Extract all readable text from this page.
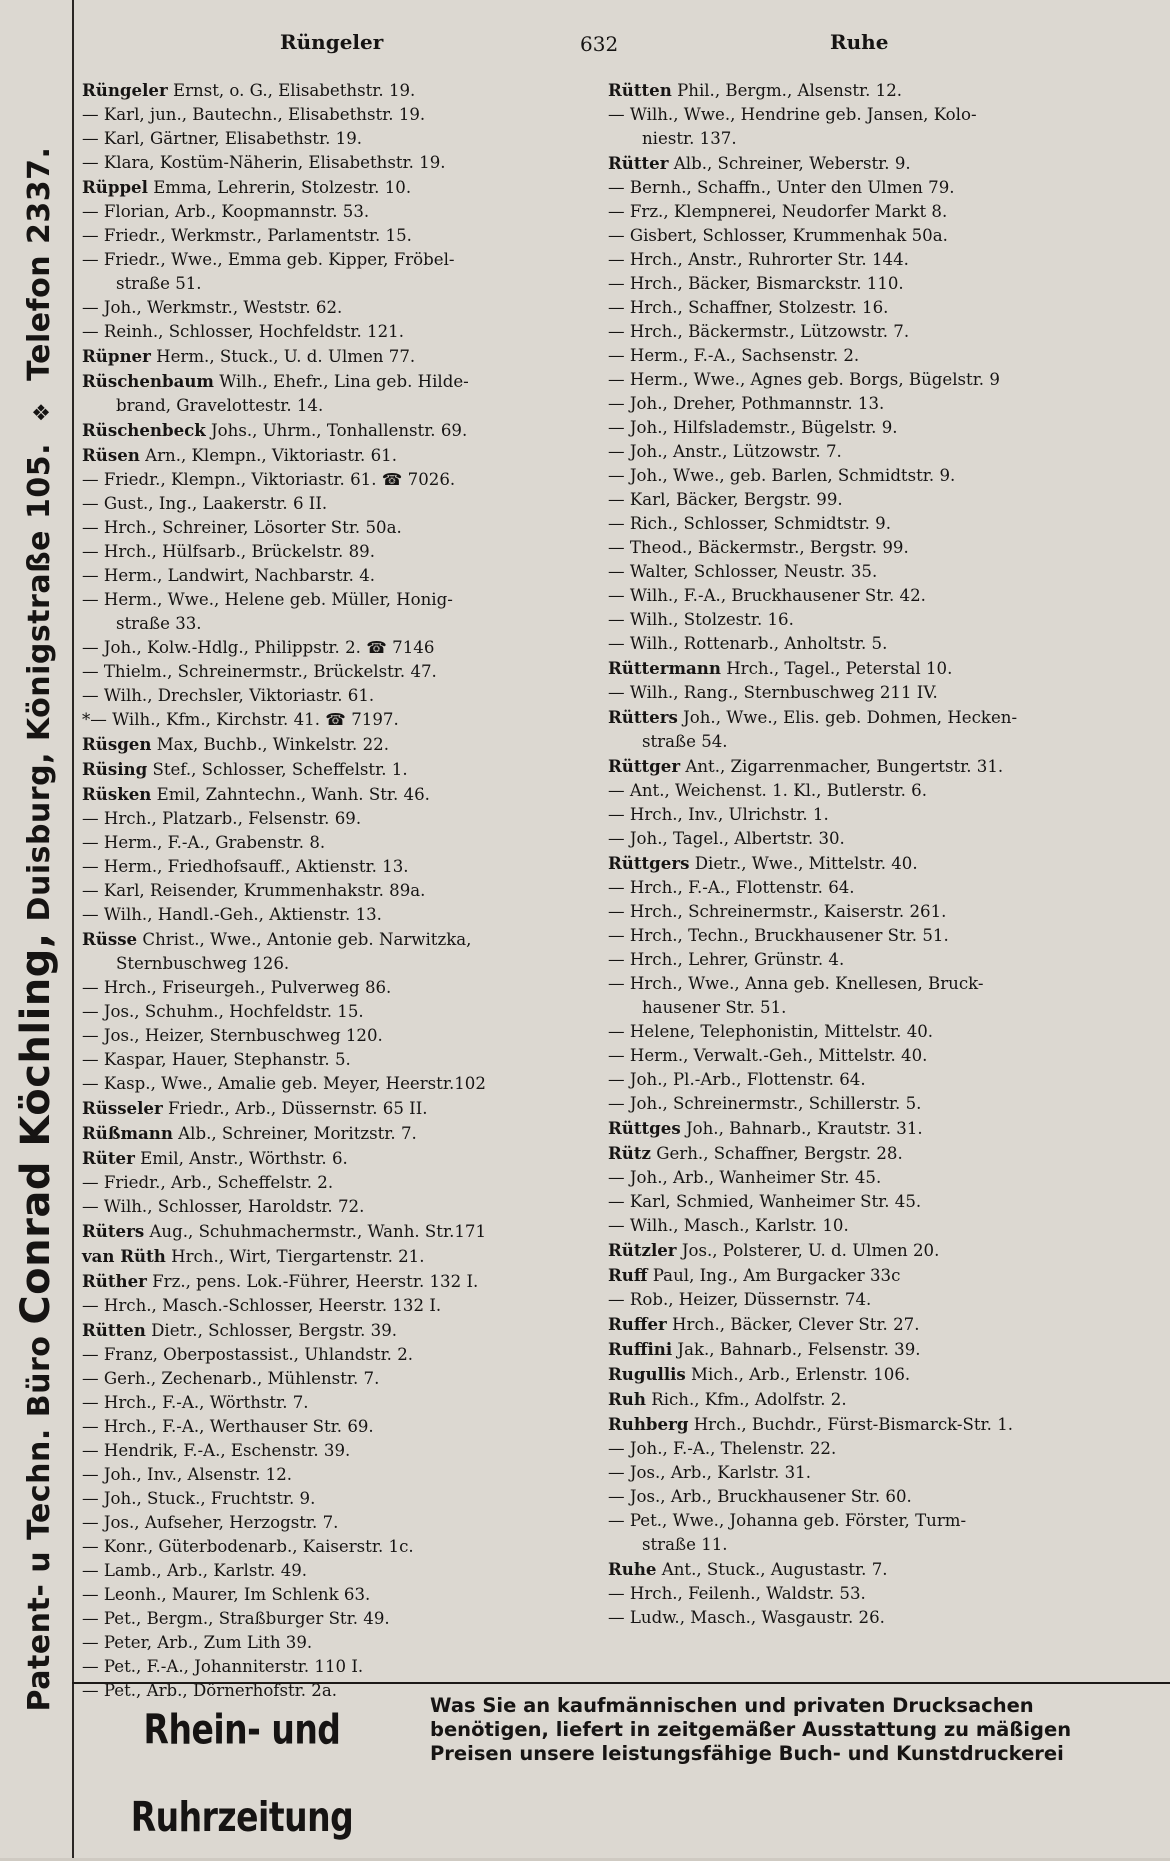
Patent- u Techn. Büro Conrad Köchling, Duisburg, Königstraße 105. ❖ Telefon 2337.
Rüngeler	632	Ruhe
Rüngeler Ernst, o. G., Elisabethstr. 19.
— Karl, jun., Bautechn., Elisabethstr. 19.
— Karl, Gärtner, Elisabethstr. 19.
— Klara, Kostüm-Näherin, Elisabethstr. 19.
Rüppel Emma, Lehrerin, Stolzestr. 10.
— Florian, Arb., Koopmannstr. 53.
— Friedr., Werkmstr., Parlamentstr. 15.
— Friedr., Wwe., Emma geb. Kipper, Fröbel-
straße 51.
— Joh., Werkmstr., Weststr. 62.
— Reinh., Schlosser, Hochfeldstr. 121.
Rüpner Herm., Stuck., U. d. Ulmen 77.
Rüschenbaum Wilh., Ehefr., Lina geb. Hilde-
brand, Gravelottestr. 14.
Rüschenbeck Johs., Uhrm., Tonhallenstr. 69.
Rüsen Arn., Klempn., Viktoriastr. 61.
— Friedr., Klempn., Viktoriastr. 61. ☎ 7026.
— Gust., Ing., Laakerstr. 6 II.
— Hrch., Schreiner, Lösorter Str. 50a.
— Hrch., Hülfsarb., Brückelstr. 89.
— Herm., Landwirt, Nachbarstr. 4.
— Herm., Wwe., Helene geb. Müller, Honig-
straße 33.
— Joh., Kolw.-Hdlg., Philippstr. 2. ☎ 7146
— Thielm., Schreinermstr., Brückelstr. 47.
— Wilh., Drechsler, Viktoriastr. 61.
*— Wilh., Kfm., Kirchstr. 41. ☎ 7197.
Rüsgen Max, Buchb., Winkelstr. 22.
Rüsing Stef., Schlosser, Scheffelstr. 1.
Rüsken Emil, Zahntechn., Wanh. Str. 46.
— Hrch., Platzarb., Felsenstr. 69.
— Herm., F.-A., Grabenstr. 8.
— Herm., Friedhofsauff., Aktienstr. 13.
— Karl, Reisender, Krummenhakstr. 89a.
— Wilh., Handl.-Geh., Aktienstr. 13.
Rüsse Christ., Wwe., Antonie geb. Narwitzka,
Sternbuschweg 126.
— Hrch., Friseurgeh., Pulverweg 86.
— Jos., Schuhm., Hochfeldstr. 15.
— Jos., Heizer, Sternbuschweg 120.
— Kaspar, Hauer, Stephanstr. 5.
— Kasp., Wwe., Amalie geb. Meyer, Heerstr.102
Rüsseler Friedr., Arb., Düssernstr. 65 II.
Rüßmann Alb., Schreiner, Moritzstr. 7.
Rüter Emil, Anstr., Wörthstr. 6.
— Friedr., Arb., Scheffelstr. 2.
— Wilh., Schlosser, Haroldstr. 72.
Rüters Aug., Schuhmachermstr., Wanh. Str.171
van Rüth Hrch., Wirt, Tiergartenstr. 21.
Rüther Frz., pens. Lok.-Führer, Heerstr. 132 I.
— Hrch., Masch.-Schlosser, Heerstr. 132 I.
Rütten Dietr., Schlosser, Bergstr. 39.
— Franz, Oberpostassist., Uhlandstr. 2.
— Gerh., Zechenarb., Mühlenstr. 7.
— Hrch., F.-A., Wörthstr. 7.
— Hrch., F.-A., Werthauser Str. 69.
— Hendrik, F.-A., Eschenstr. 39.
— Joh., Inv., Alsenstr. 12.
— Joh., Stuck., Fruchtstr. 9.
— Jos., Aufseher, Herzogstr. 7.
— Konr., Güterbodenarb., Kaiserstr. 1c.
— Lamb., Arb., Karlstr. 49.
— Leonh., Maurer, Im Schlenk 63.
— Pet., Bergm., Straßburger Str. 49.
— Peter, Arb., Zum Lith 39.
— Pet., F.-A., Johanniterstr. 110 I.
— Pet., Arb., Dörnerhofstr. 2a.
Rütten Phil., Bergm., Alsenstr. 12.
— Wilh., Wwe., Hendrine geb. Jansen, Kolo-
niestr. 137.
Rütter Alb., Schreiner, Weberstr. 9.
— Bernh., Schaffn., Unter den Ulmen 79.
— Frz., Klempnerei, Neudorfer Markt 8.
— Gisbert, Schlosser, Krummenhak 50a.
— Hrch., Anstr., Ruhrorter Str. 144.
— Hrch., Bäcker, Bismarckstr. 110.
— Hrch., Schaffner, Stolzestr. 16.
— Hrch., Bäckermstr., Lützowstr. 7.
— Herm., F.-A., Sachsenstr. 2.
— Herm., Wwe., Agnes geb. Borgs, Bügelstr. 9
— Joh., Dreher, Pothmannstr. 13.
— Joh., Hilfslademstr., Bügelstr. 9.
— Joh., Anstr., Lützowstr. 7.
— Joh., Wwe., geb. Barlen, Schmidtstr. 9.
— Karl, Bäcker, Bergstr. 99.
— Rich., Schlosser, Schmidtstr. 9.
— Theod., Bäckermstr., Bergstr. 99.
— Walter, Schlosser, Neustr. 35.
— Wilh., F.-A., Bruckhausener Str. 42.
— Wilh., Stolzestr. 16.
— Wilh., Rottenarb., Anholtstr. 5.
Rüttermann Hrch., Tagel., Peterstal 10.
— Wilh., Rang., Sternbuschweg 211 IV.
Rütters Joh., Wwe., Elis. geb. Dohmen, Hecken-
straße 54.
Rüttger Ant., Zigarrenmacher, Bungertstr. 31.
— Ant., Weichenst. 1. Kl., Butlerstr. 6.
— Hrch., Inv., Ulrichstr. 1.
— Joh., Tagel., Albertstr. 30.
Rüttgers Dietr., Wwe., Mittelstr. 40.
— Hrch., F.-A., Flottenstr. 64.
— Hrch., Schreinermstr., Kaiserstr. 261.
— Hrch., Techn., Bruckhausener Str. 51.
— Hrch., Lehrer, Grünstr. 4.
— Hrch., Wwe., Anna geb. Knellesen, Bruck-
hausener Str. 51.
— Helene, Telephonistin, Mittelstr. 40.
— Herm., Verwalt.-Geh., Mittelstr. 40.
— Joh., Pl.-Arb., Flottenstr. 64.
— Joh., Schreinermstr., Schillerstr. 5.
Rüttges Joh., Bahnarb., Krautstr. 31.
Rütz Gerh., Schaffner, Bergstr. 28.
— Joh., Arb., Wanheimer Str. 45.
— Karl, Schmied, Wanheimer Str. 45.
— Wilh., Masch., Karlstr. 10.
Rützler Jos., Polsterer, U. d. Ulmen 20.
Ruff Paul, Ing., Am Burgacker 33c
— Rob., Heizer, Düssernstr. 74.
Ruffer Hrch., Bäcker, Clever Str. 27.
Ruffini Jak., Bahnarb., Felsenstr. 39.
Rugullis Mich., Arb., Erlenstr. 106.
Ruh Rich., Kfm., Adolfstr. 2.
Ruhberg Hrch., Buchdr., Fürst-Bismarck-Str. 1.
— Joh., F.-A., Thelenstr. 22.
— Jos., Arb., Karlstr. 31.
— Jos., Arb., Bruckhausener Str. 60.
— Pet., Wwe., Johanna geb. Förster, Turm-
straße 11.
Ruhe Ant., Stuck., Augustastr. 7.
— Hrch., Feilenh., Waldstr. 53.
— Ludw., Masch., Wasgaustr. 26.
Rhein- und Ruhrzeitung
Was Sie an kaufmännischen und privaten Drucksachen
benötigen, liefert in zeitgemäßer Ausstattung zu mäßigen
Preisen unsere leistungsfähige Buch- und Kunstdruckerei
